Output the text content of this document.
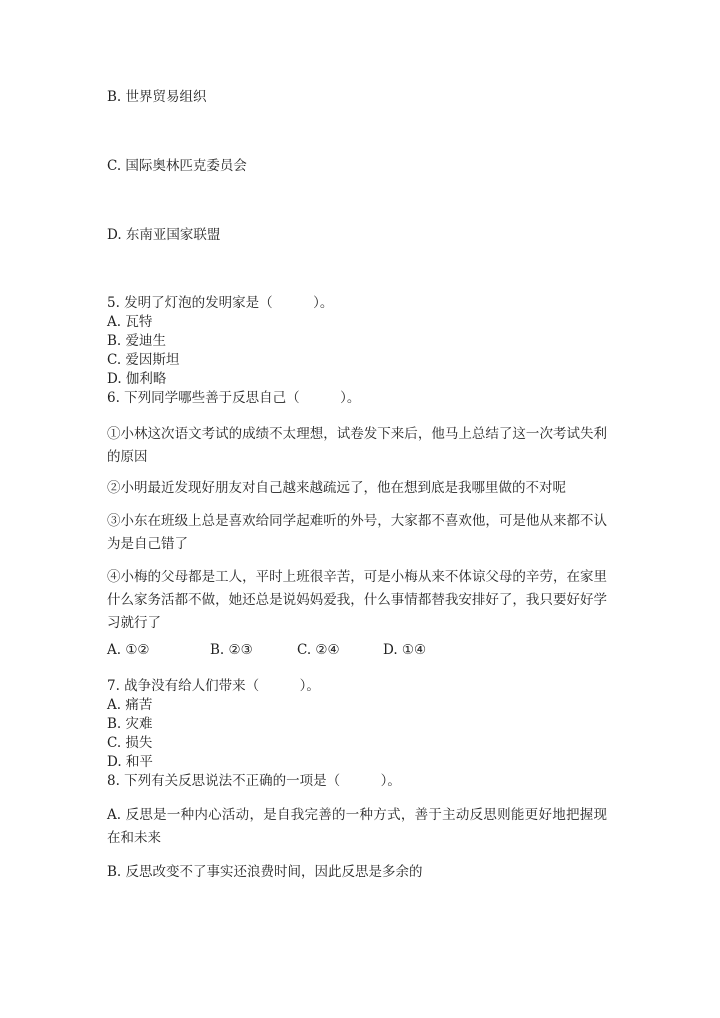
B. 世界贸易组织

C. 国际奥林匹克委员会

D. 东南亚国家联盟

5. 发明了灯泡的发明家是（　　　）。

A. 瓦特

B. 爱迪生

C. 爱因斯坦

D. 伽利略

6. 下列同学哪些善于反思自己（　　　）。

①小林这次语文考试的成绩不太理想，试卷发下来后，他马上总结了这一次考试失利的原因

②小明最近发现好朋友对自己越来越疏远了，他在想到底是我哪里做的不对呢

③小东在班级上总是喜欢给同学起难听的外号，大家都不喜欢他，可是他从来都不认为是自己错了

④小梅的父母都是工人，平时上班很辛苦，可是小梅从来不体谅父母的辛劳，在家里什么家务活都不做，她还总是说妈妈爱我，什么事情都替我安排好了，我只要好好学习就行了

A. ①②	B. ②③	C. ②④	D. ①④

7. 战争没有给人们带来（　　　）。

A. 痛苦

B. 灾难

C. 损失

D. 和平

8. 下列有关反思说法不正确的一项是（　　　）。

A. 反思是一种内心活动，是自我完善的一种方式，善于主动反思则能更好地把握现在和未来

B. 反思改变不了事实还浪费时间，因此反思是多余的
